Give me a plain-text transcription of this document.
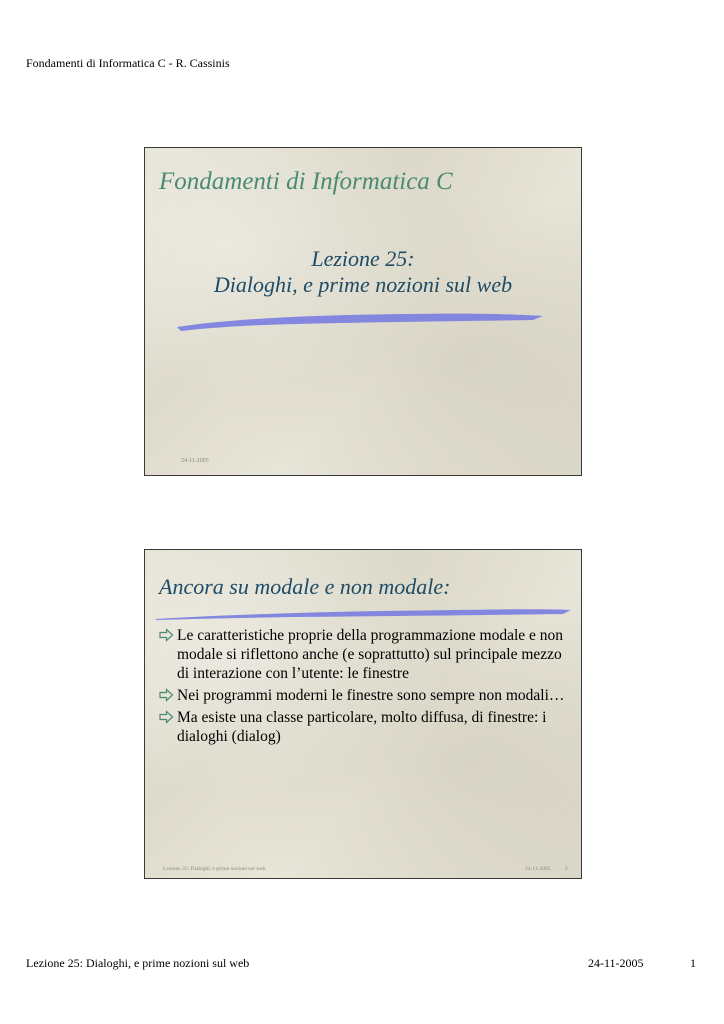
Fondamenti di Informatica C - R. Cassinis
Fondamenti di Informatica C
Lezione 25:
Dialoghi, e prime nozioni sul web
24-11-2005
Ancora su modale e non modale:
Le caratteristiche proprie della programmazione modale e non modale si riflettono anche (e soprattutto) sul principale mezzo di interazione con l’utente: le finestre
Nei programmi moderni le finestre sono sempre non modali…
Ma esiste una classe particolare, molto diffusa, di finestre: i dialoghi (dialog)
Lezione 25: Dialoghi, e prime nozioni sul web	24-11-2005	2
Lezione 25: Dialoghi, e prime nozioni sul web	24-11-2005	1
